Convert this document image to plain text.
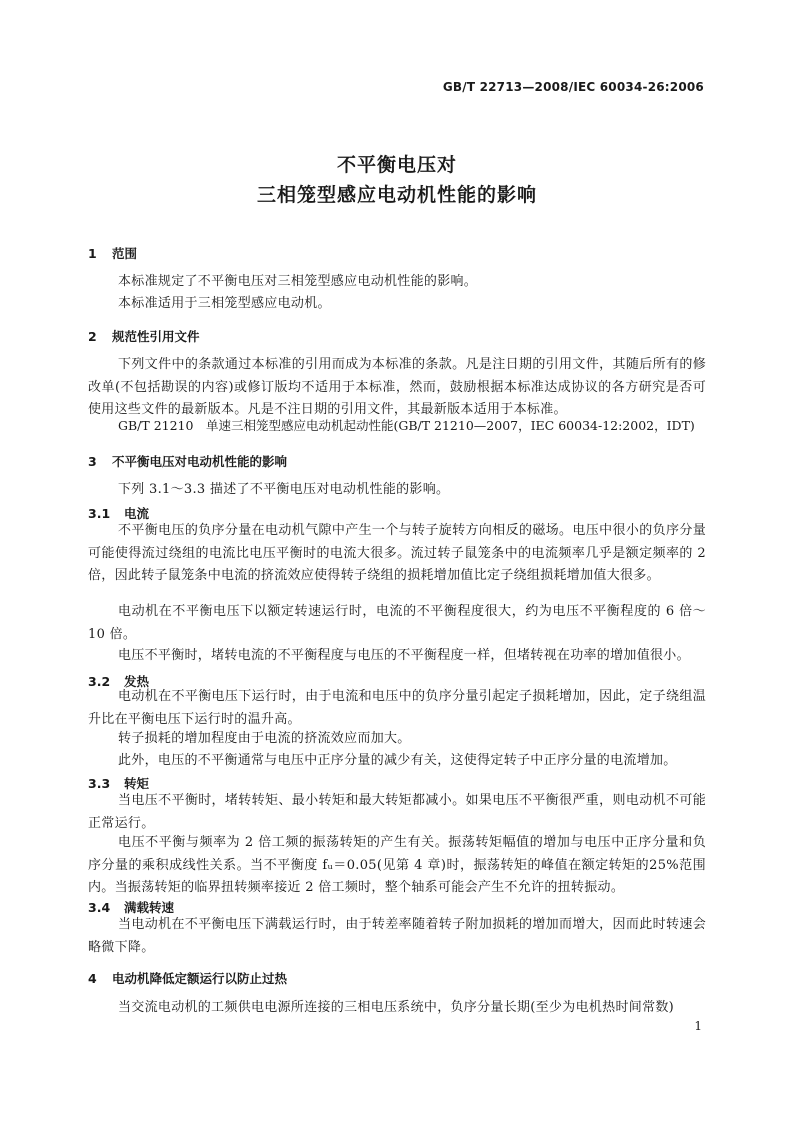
GB/T 22713—2008/IEC 60034-26:2006
不平衡电压对
三相笼型感应电动机性能的影响
1 范围

本标准规定了不平衡电压对三相笼型感应电动机性能的影响。

本标准适用于三相笼型感应电动机。

2 规范性引用文件

下列文件中的条款通过本标准的引用而成为本标准的条款。凡是注日期的引用文件，其随后所有的修改单(不包括勘误的内容)或修订版均不适用于本标准，然而，鼓励根据本标准达成协议的各方研究是否可使用这些文件的最新版本。凡是不注日期的引用文件，其最新版本适用于本标准。

GB/T 21210　单速三相笼型感应电动机起动性能(GB/T 21210—2007，IEC 60034-12:2002，IDT)

3 不平衡电压对电动机性能的影响

下列 3.1～3.3 描述了不平衡电压对电动机性能的影响。

3.1 电流

不平衡电压的负序分量在电动机气隙中产生一个与转子旋转方向相反的磁场。电压中很小的负序分量可能使得流过绕组的电流比电压平衡时的电流大很多。流过转子鼠笼条中的电流频率几乎是额定频率的 2 倍，因此转子鼠笼条中电流的挤流效应使得转子绕组的损耗增加值比定子绕组损耗增加值大很多。

电动机在不平衡电压下以额定转速运行时，电流的不平衡程度很大，约为电压不平衡程度的 6 倍～10 倍。

电压不平衡时，堵转电流的不平衡程度与电压的不平衡程度一样，但堵转视在功率的增加值很小。

3.2 发热

电动机在不平衡电压下运行时，由于电流和电压中的负序分量引起定子损耗增加，因此，定子绕组温升比在平衡电压下运行时的温升高。

转子损耗的增加程度由于电流的挤流效应而加大。

此外，电压的不平衡通常与电压中正序分量的减少有关，这使得定转子中正序分量的电流增加。

3.3 转矩

当电压不平衡时，堵转转矩、最小转矩和最大转矩都减小。如果电压不平衡很严重，则电动机不可能正常运行。

电压不平衡与频率为 2 倍工频的振荡转矩的产生有关。振荡转矩幅值的增加与电压中正序分量和负序分量的乘积成线性关系。当不平衡度 fᵤ＝0.05(见第 4 章)时，振荡转矩的峰值在额定转矩的25%范围内。当振荡转矩的临界扭转频率接近 2 倍工频时，整个轴系可能会产生不允许的扭转振动。

3.4 满载转速

当电动机在不平衡电压下满载运行时，由于转差率随着转子附加损耗的增加而增大，因而此时转速会略微下降。

4 电动机降低定额运行以防止过热

当交流电动机的工频供电电源所连接的三相电压系统中，负序分量长期(至少为电机热时间常数)

1
